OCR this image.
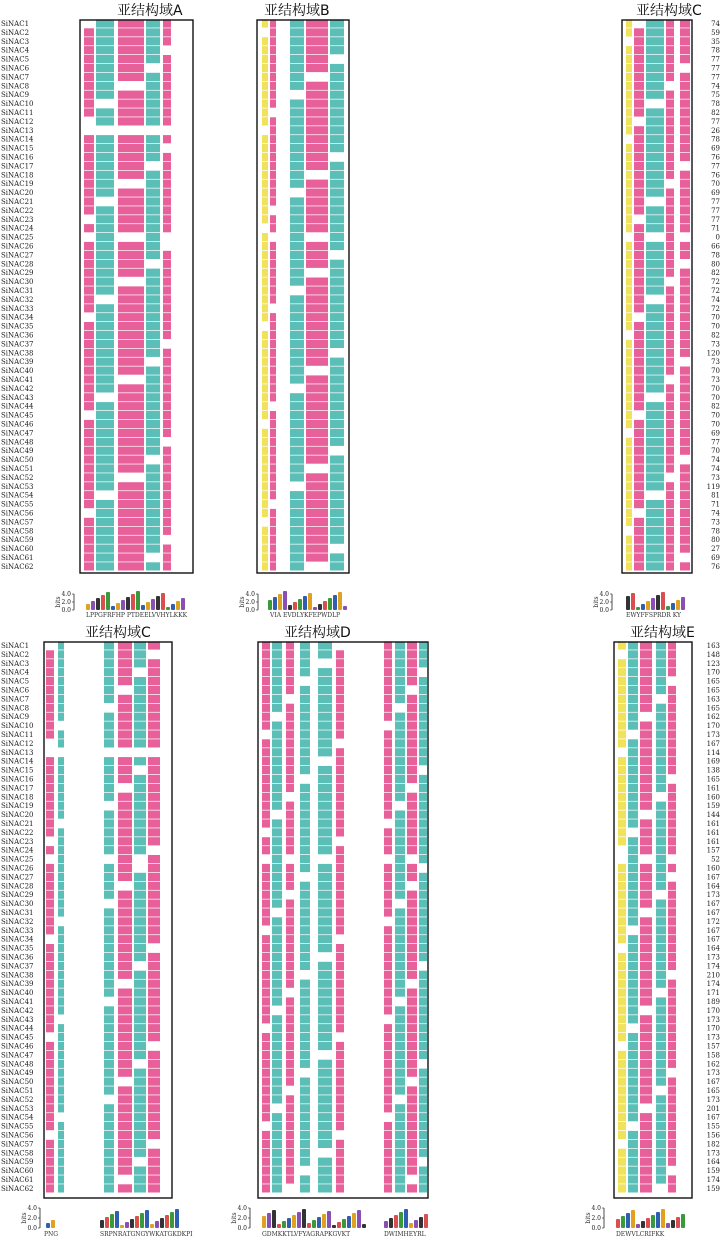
亚结构域A	亚结构域B	亚结构域C
亚结构域C	亚结构域D	亚结构域E
SiNAC1	74
SiNAC2	59
SiNAC3	35
SiNAC4	78
SiNAC5	77
SiNAC6	77
SiNAC7	77
SiNAC8	74
SiNAC9	75
SiNAC10	78
SiNAC11	82
SiNAC12	77
SiNAC13	26
SiNAC14	78
SiNAC15	69
SiNAC16	76
SiNAC17	77
SiNAC18	76
SiNAC19	70
SiNAC20	69
SiNAC21	77
SiNAC22	77
SiNAC23	77
SiNAC24	71
SiNAC25	0
SiNAC26	66
SiNAC27	78
SiNAC28	80
SiNAC29	82
SiNAC30	72
SiNAC31	72
SiNAC32	74
SiNAC33	72
SiNAC34	70
SiNAC35	70
SiNAC36	82
SiNAC37	73
SiNAC38	120
SiNAC39	73
SiNAC40	70
SiNAC41	73
SiNAC42	70
SiNAC43	70
SiNAC44	82
SiNAC45	70
SiNAC46	70
SiNAC47	69
SiNAC48	77
SiNAC49	70
SiNAC50	74
SiNAC51	74
SiNAC52	73
SiNAC53	119
SiNAC54	81
SiNAC55	71
SiNAC56	74
SiNAC57	73
SiNAC58	78
SiNAC59	80
SiNAC60	27
SiNAC61	69
SiNAC62	76
SiNAC1	163
SiNAC2	148
SiNAC3	123
SiNAC4	170
SiNAC5	165
SiNAC6	165
SiNAC7	163
SiNAC8	165
SiNAC9	162
SiNAC10	170
SiNAC11	173
SiNAC12	167
SiNAC13	114
SiNAC14	169
SiNAC15	138
SiNAC16	165
SiNAC17	161
SiNAC18	160
SiNAC19	159
SiNAC20	144
SiNAC21	161
SiNAC22	161
SiNAC23	161
SiNAC24	157
SiNAC25	52
SiNAC26	160
SiNAC27	167
SiNAC28	164
SiNAC29	173
SiNAC30	167
SiNAC31	167
SiNAC32	172
SiNAC33	167
SiNAC34	167
SiNAC35	164
SiNAC36	173
SiNAC37	174
SiNAC38	210
SiNAC39	174
SiNAC40	171
SiNAC41	189
SiNAC42	170
SiNAC43	173
SiNAC44	170
SiNAC45	173
SiNAC46	157
SiNAC47	158
SiNAC48	162
SiNAC49	173
SiNAC50	167
SiNAC51	165
SiNAC52	173
SiNAC53	201
SiNAC54	167
SiNAC55	155
SiNAC56	156
SiNAC57	182
SiNAC58	173
SiNAC59	164
SiNAC60	159
SiNAC61	174
SiNAC62	159
4.0
2.0
0.0
bits
4.0
2.0
0.0
bits
4.0
2.0
0.0
bits
4.0
2.0
0.0
bits
4.0
2.0
0.0
bits
4.0
2.0
0.0
bits
LPPGFRFHP PTDEELVVHYLKKK	VIA EVDLYKFEPWDLP	EWYFFSPRDR KY
PNG	SRPNRATGNGYWKATGKDKPI	GDMKKTLVFYAGRAPKGVKT	DWIMHEYRL	DEWVLCRIFKK
